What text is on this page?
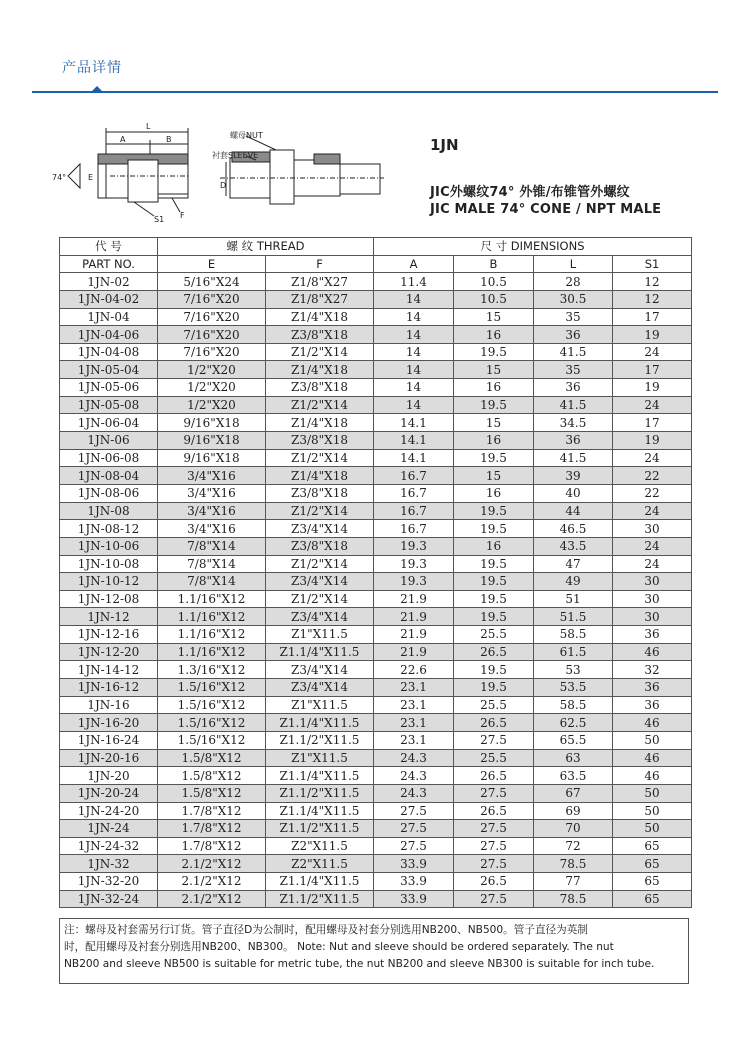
产品详情
74°
L
A	B
E
S1 F
D
螺母NUT
衬套SLEEVE
1JN
JIC外螺纹74° 外锥/布锥管外螺纹
JIC MALE 74° CONE / NPT MALE
代 号	螺 纹 THREAD		尺 寸 DIMENSIONS			
PART NO.	E	F	A	B	L	S1
1JN-02	5/16"X24	Z1/8"X27	11.4	10.5	28	12
1JN-04-02	7/16"X20	Z1/8"X27	14	10.5	30.5	12
1JN-04	7/16"X20	Z1/4"X18	14	15	35	17
1JN-04-06	7/16"X20	Z3/8"X18	14	16	36	19
1JN-04-08	7/16"X20	Z1/2"X14	14	19.5	41.5	24
1JN-05-04	1/2"X20	Z1/4"X18	14	15	35	17
1JN-05-06	1/2"X20	Z3/8"X18	14	16	36	19
1JN-05-08	1/2"X20	Z1/2"X14	14	19.5	41.5	24
1JN-06-04	9/16"X18	Z1/4"X18	14.1	15	34.5	17
1JN-06	9/16"X18	Z3/8"X18	14.1	16	36	19
1JN-06-08	9/16"X18	Z1/2"X14	14.1	19.5	41.5	24
1JN-08-04	3/4"X16	Z1/4"X18	16.7	15	39	22
1JN-08-06	3/4"X16	Z3/8"X18	16.7	16	40	22
1JN-08	3/4"X16	Z1/2"X14	16.7	19.5	44	24
1JN-08-12	3/4"X16	Z3/4"X14	16.7	19.5	46.5	30
1JN-10-06	7/8"X14	Z3/8"X18	19.3	16	43.5	24
1JN-10-08	7/8"X14	Z1/2"X14	19.3	19.5	47	24
1JN-10-12	7/8"X14	Z3/4"X14	19.3	19.5	49	30
1JN-12-08	1.1/16"X12	Z1/2"X14	21.9	19.5	51	30
1JN-12	1.1/16"X12	Z3/4"X14	21.9	19.5	51.5	30
1JN-12-16	1.1/16"X12	Z1"X11.5	21.9	25.5	58.5	36
1JN-12-20	1.1/16"X12	Z1.1/4"X11.5	21.9	26.5	61.5	46
1JN-14-12	1.3/16"X12	Z3/4"X14	22.6	19.5	53	32
1JN-16-12	1.5/16"X12	Z3/4"X14	23.1	19.5	53.5	36
1JN-16	1.5/16"X12	Z1"X11.5	23.1	25.5	58.5	36
1JN-16-20	1.5/16"X12	Z1.1/4"X11.5	23.1	26.5	62.5	46
1JN-16-24	1.5/16"X12	Z1.1/2"X11.5	23.1	27.5	65.5	50
1JN-20-16	1.5/8"X12	Z1"X11.5	24.3	25.5	63	46
1JN-20	1.5/8"X12	Z1.1/4"X11.5	24.3	26.5	63.5	46
1JN-20-24	1.5/8"X12	Z1.1/2"X11.5	24.3	27.5	67	50
1JN-24-20	1.7/8"X12	Z1.1/4"X11.5	27.5	26.5	69	50
1JN-24	1.7/8"X12	Z1.1/2"X11.5	27.5	27.5	70	50
1JN-24-32	1.7/8"X12	Z2"X11.5	27.5	27.5	72	65
1JN-32	2.1/2"X12	Z2"X11.5	33.9	27.5	78.5	65
1JN-32-20	2.1/2"X12	Z1.1/4"X11.5	33.9	26.5	77	65
1JN-32-24	2.1/2"X12	Z1.1/2"X11.5	33.9	27.5	78.5	65
注：螺母及衬套需另行订货。管子直径D为公制时，配用螺母及衬套分别选用NB200、NB500。管子直径为英制
时，配用螺母及衬套分别选用NB200、NB300。 Note: Nut and sleeve should be ordered separately. The nut
NB200 and sleeve NB500 is suitable for metric tube, the nut NB200 and sleeve NB300 is suitable for inch tube.
